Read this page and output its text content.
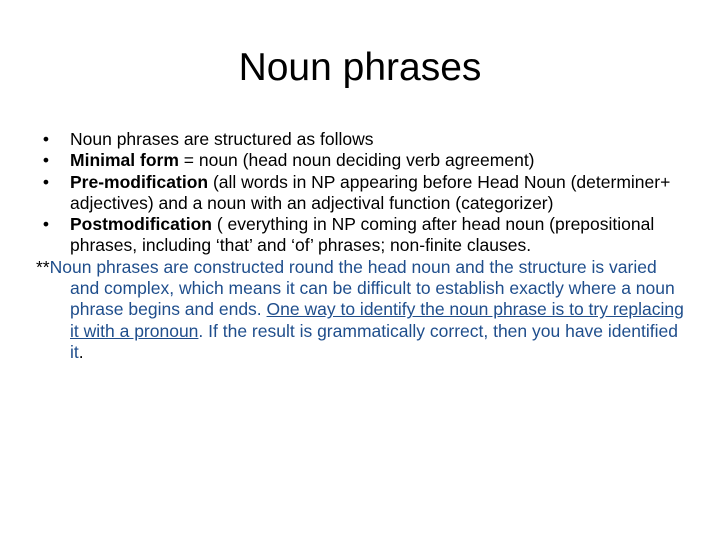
Noun phrases
•	Noun phrases are structured as follows
•	Minimal form = noun (head noun deciding verb agreement)
•	Pre-modification (all words in NP appearing before Head Noun (determiner+ adjectives) and a noun with an adjectival function (categorizer)
•	Postmodification ( everything in NP coming after head noun (prepositional phrases, including ‘that’ and ‘of’ phrases; non-finite clauses.
**Noun phrases are constructed round the head noun and the structure is varied and complex, which means it can be difficult to establish exactly where a noun phrase begins and ends. One way to identify the noun phrase is to try replacing it with a pronoun. If the result is grammatically correct, then you have identified it.
